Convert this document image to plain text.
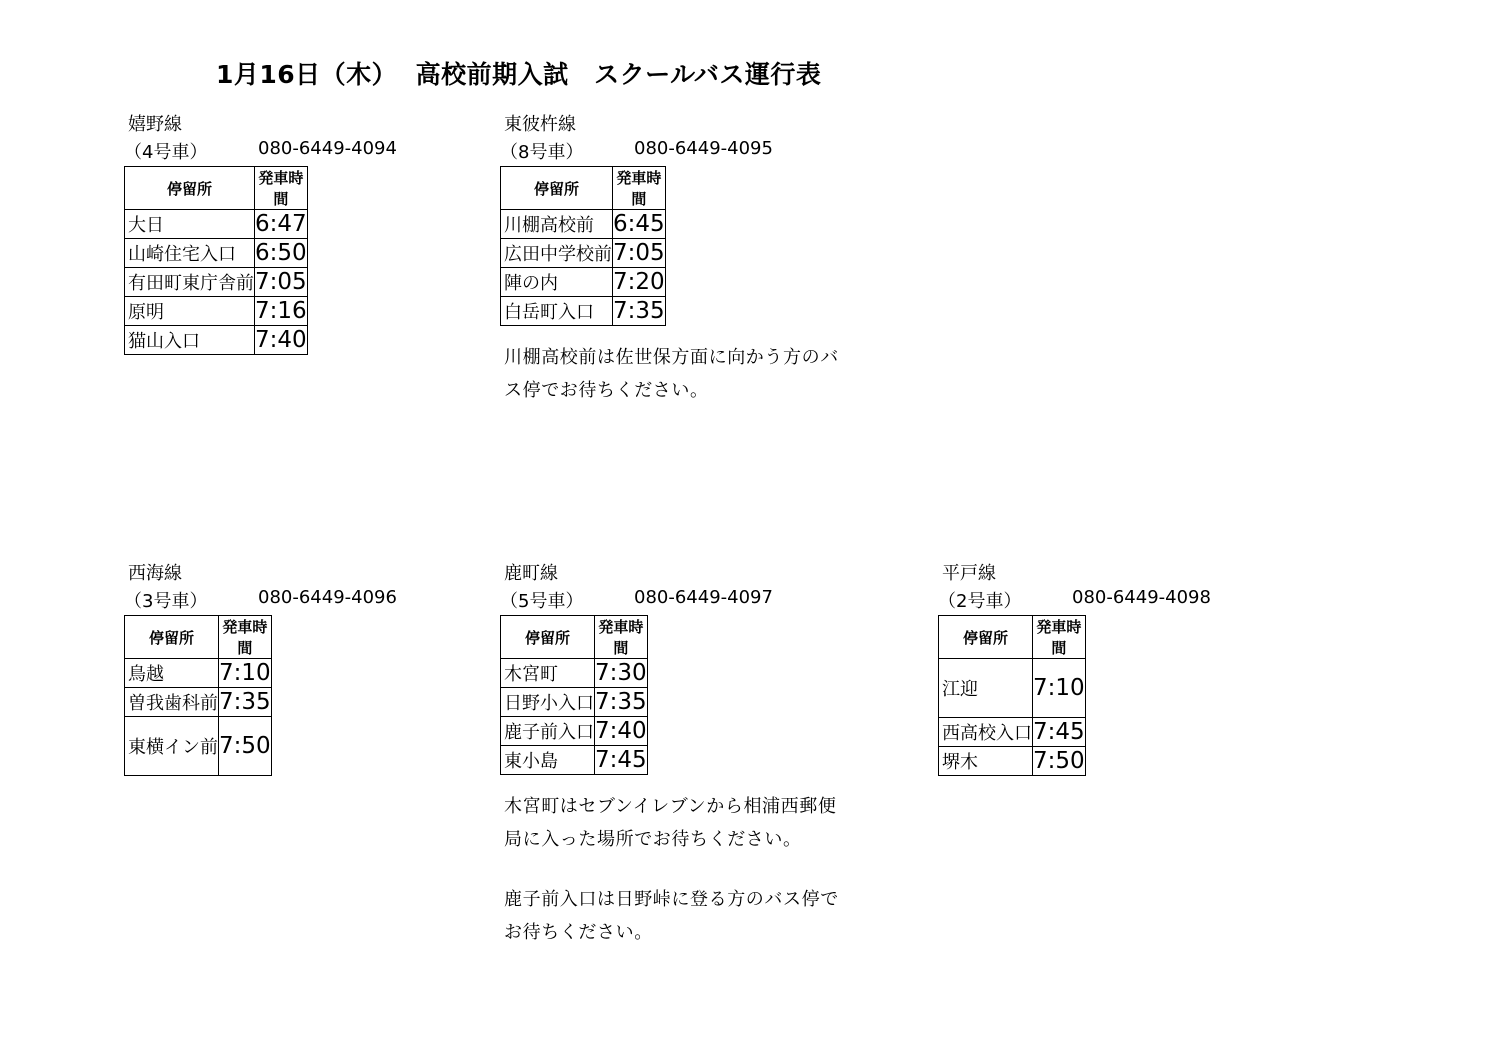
1月16日（木）  高校前期入試　スクールバス運行表
嬉野線
（4号車）	080-6449-4094
停留所	発車時間
大日	6:47
山崎住宅入口	6:50
有田町東庁舎前	7:05
原明	7:16
猫山入口	7:40
東彼杵線
（8号車）	080-6449-4095
停留所	発車時間
川棚高校前	6:45
広田中学校前	7:05
陣の内	7:20
白岳町入口	7:35
川棚高校前は佐世保方面に向かう方のバス停でお待ちください。
西海線
（3号車）	080-6449-4096
停留所	発車時間
鳥越	7:10
曽我歯科前	7:35
東横イン前	7:50
鹿町線
（5号車）	080-6449-4097
停留所	発車時間
木宮町	7:30
日野小入口	7:35
鹿子前入口	7:40
東小島	7:45
木宮町はセブンイレブンから相浦西郵便局に入った場所でお待ちください。
鹿子前入口は日野峠に登る方のバス停でお待ちください。
平戸線
（2号車）	080-6449-4098
停留所	発車時間
江迎	7:10
西高校入口	7:45
堺木	7:50
